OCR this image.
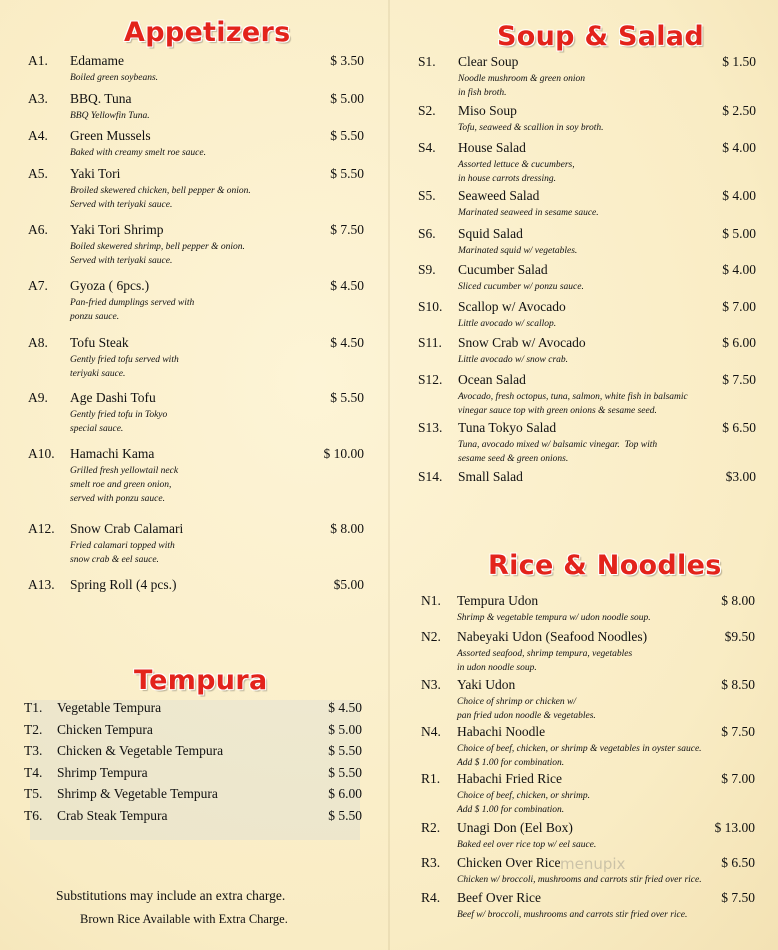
Appetizers	Soup & Salad
Tempura
Rice & Noodles
A1. Edamame	$ 3.50
Boiled green soybeans.
A3. BBQ. Tuna	$ 5.00
BBQ Yellowfin Tuna.
A4. Green Mussels	$ 5.50
Baked with creamy smelt roe sauce.
A5. Yaki Tori	$ 5.50
Broiled skewered chicken, bell pepper & onion.
Served with teriyaki sauce.
A6. Yaki Tori Shrimp	$ 7.50
Boiled skewered shrimp, bell pepper & onion.
Served with teriyaki sauce.
A7. Gyoza ( 6pcs.)	$ 4.50
Pan-fried dumplings served with
ponzu sauce.
A8. Tofu Steak	$ 4.50
Gently fried tofu served with
teriyaki sauce.
A9. Age Dashi Tofu	$ 5.50
Gently fried tofu in Tokyo
special sauce.
A10. Hamachi Kama	$ 10.00
Grilled fresh yellowtail neck
smelt roe and green onion,
served with ponzu sauce.
A12. Snow Crab Calamari	$ 8.00
Fried calamari topped with
snow crab & eel sauce.
A13. Spring Roll (4 pcs.)	$5.00
S1. Clear Soup	$ 1.50
Noodle mushroom & green onion
in fish broth.
S2. Miso Soup	$ 2.50
Tofu, seaweed & scallion in soy broth.
S4. House Salad	$ 4.00
Assorted lettuce & cucumbers,
in house carrots dressing.
S5. Seaweed Salad	$ 4.00
Marinated seaweed in sesame sauce.
S6. Squid Salad	$ 5.00
Marinated squid w/ vegetables.
S9. Cucumber Salad	$ 4.00
Sliced cucumber w/ ponzu sauce.
S10. Scallop w/ Avocado	$ 7.00
Little avocado w/ scallop.
S11. Snow Crab w/ Avocado	$ 6.00
Little avocado w/ snow crab.
S12. Ocean Salad	$ 7.50
Avocado, fresh octopus, tuna, salmon, white fish in balsamic
vinegar sauce top with green onions & sesame seed.
S13. Tuna Tokyo Salad	$ 6.50
Tuna, avocado mixed w/ balsamic vinegar.  Top with
sesame seed & green onions.
S14. Small Salad	$3.00
T1. Vegetable Tempura	$ 4.50
T2. Chicken Tempura	$ 5.00
T3. Chicken & Vegetable Tempura	$ 5.50
T4. Shrimp Tempura	$ 5.50
T5. Shrimp & Vegetable Tempura	$ 6.00
T6. Crab Steak Tempura	$ 5.50
N1. Tempura Udon	$ 8.00
Shrimp & vegetable tempura w/ udon noodle soup.
N2. Nabeyaki Udon (Seafood Noodles)	$9.50
Assorted seafood, shrimp tempura, vegetables
in udon noodle soup.
N3. Yaki Udon	$ 8.50
Choice of shrimp or chicken w/
pan fried udon noodle & vegetables.
N4. Habachi Noodle	$ 7.50
Choice of beef, chicken, or shrimp & vegetables in oyster sauce.
Add $ 1.00 for combination.
R1. Habachi Fried Rice	$ 7.00
Choice of beef, chicken, or shrimp.
Add $ 1.00 for combination.
R2. Unagi Don (Eel Box)	$ 13.00
Baked eel over rice top w/ eel sauce.
R3. Chicken Over Rice	$ 6.50
Chicken w/ broccoli, mushrooms and carrots stir fried over rice.
R4. Beef Over Rice	$ 7.50
Beef w/ broccoli, mushrooms and carrots stir fried over rice.
Substitutions may include an extra charge.
Brown Rice Available with Extra Charge.
menupix
